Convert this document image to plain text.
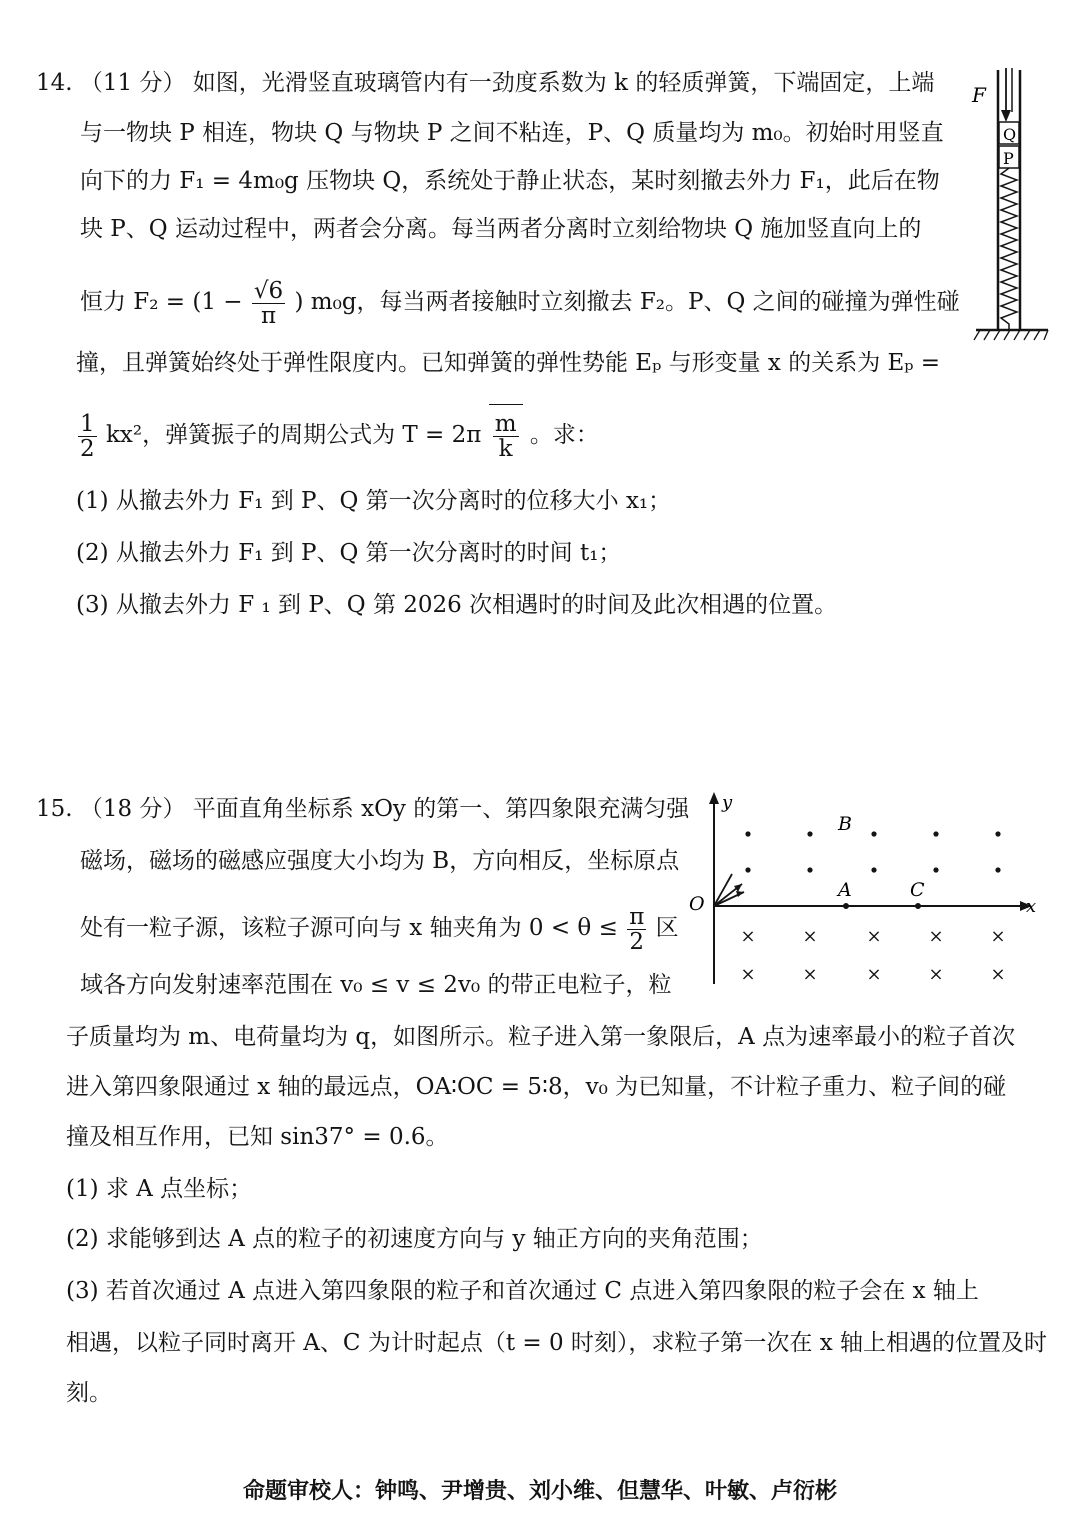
14. （11 分） 如图，光滑竖直玻璃管内有一劲度系数为 k 的轻质弹簧，下端固定，上端
与一物块 P 相连，物块 Q 与物块 P 之间不粘连，P、Q 质量均为 m₀。初始时用竖直
向下的力 F₁ = 4m₀g 压物块 Q，系统处于静止状态，某时刻撤去外力 F₁，此后在物
块 P、Q 运动过程中，两者会分离。每当两者分离时立刻给物块 Q 施加竖直向上的
恒力 $F_2 = (1 - \frac{√6}{\pi}$ ) m₀g，每当两者接触时立刻撤去 F₂。P、Q 之间的碰撞为弹性碰
撞，且弹簧始终处于弹性限度内。已知弹簧的弹性势能 Eₚ 与形变量 x 的关系为 Eₚ =
$\frac{1}{2} kx^2$，弹簧振子的周期公式为 $T = 2\pi \frac{m}{k}$ 。求：
(1) 从撤去外力 F₁ 到 P、Q 第一次分离时的位移大小 x₁；
(2) 从撤去外力 F₁ 到 P、Q 第一次分离时的时间 t₁；
(3) 从撤去外力 F ₁ 到 P、Q 第 2026 次相遇时的时间及此次相遇的位置。
F
Q
P
15. （18 分） 平面直角坐标系 xOy 的第一、第四象限充满匀强
磁场，磁场的磁感应强度大小均为 B，方向相反，坐标原点
处有一粒子源，该粒子源可向与 x 轴夹角为 $0 < \theta \le \frac{\pi}{2}$ 区
域各方向发射速率范围在 v₀ ≤ v ≤ 2v₀ 的带正电粒子，粒
子质量均为 m、电荷量均为 q，如图所示。粒子进入第一象限后，A 点为速率最小的粒子首次
进入第四象限通过 x 轴的最远点，OA∶OC = 5∶8，v₀ 为已知量，不计粒子重力、粒子间的碰
撞及相互作用，已知 sin37° = 0.6。
(1) 求 A 点坐标；
(2) 求能够到达 A 点的粒子的初速度方向与 y 轴正方向的夹角范围；
(3) 若首次通过 A 点进入第四象限的粒子和首次通过 C 点进入第四象限的粒子会在 x 轴上
相遇，以粒子同时离开 A、C 为计时起点（t = 0 时刻），求粒子第一次在 x 轴上相遇的位置及时
刻。
y
x
O
B
A	C
×	×	×	×	×
×	×	×	×	×
命题审校人：钟鸣、尹增贵、刘小维、但慧华、叶敏、卢衍彬
